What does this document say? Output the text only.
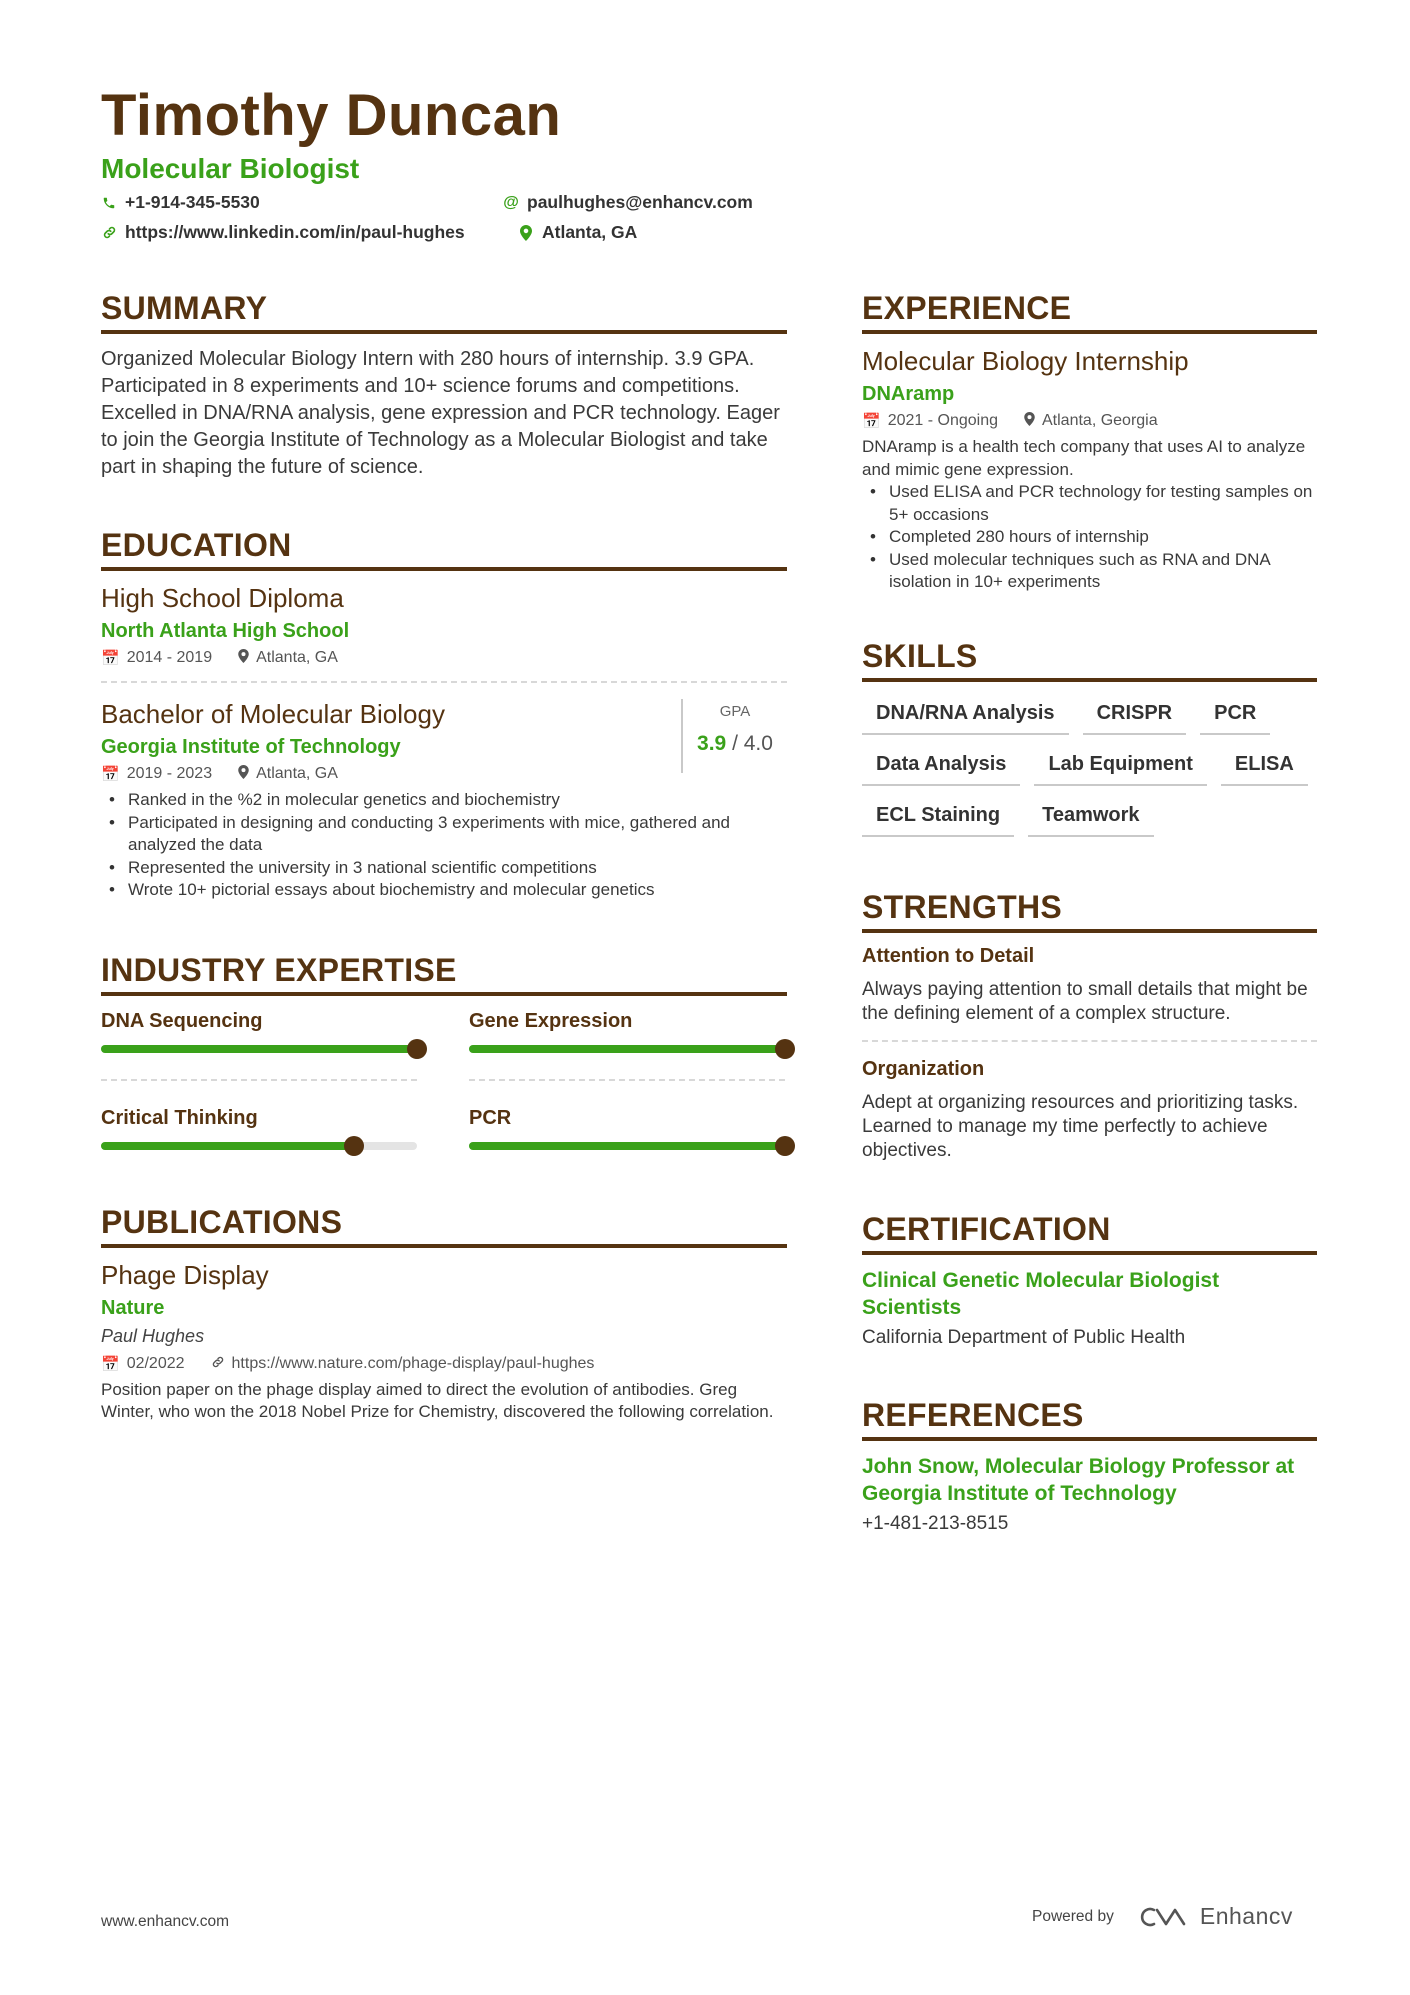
Timothy Duncan
Molecular Biologist
+1-914-345-5530	@ paulhughes@enhancv.com
https://www.linkedin.com/in/paul-hughes	Atlanta, GA
SUMMARY
Organized Molecular Biology Intern with 280 hours of internship. 3.9 GPA. Participated in 8 experiments and 10+ science forums and competitions. Excelled in DNA/RNA analysis, gene expression and PCR technology. Eager to join the Georgia Institute of Technology as a Molecular Biologist and take part in shaping the future of science.
EDUCATION
High School Diploma
North Atlanta High School
📅 2014 - 2019	Atlanta, GA
GPA
3.9 / 4.0
Bachelor of Molecular Biology
Georgia Institute of Technology
📅 2019 - 2023	Atlanta, GA
• Ranked in the %2 in molecular genetics and biochemistry
• Participated in designing and conducting 3 experiments with mice, gathered and analyzed the data
• Represented the university in 3 national scientific competitions
• Wrote 10+ pictorial essays about biochemistry and molecular genetics
INDUSTRY EXPERTISE
DNA Sequencing	Gene Expression
Critical Thinking	PCR
PUBLICATIONS
Phage Display
Nature
Paul Hughes
📅 02/2022	https://www.nature.com/phage-display/paul-hughes
Position paper on the phage display aimed to direct the evolution of antibodies. Greg Winter, who won the 2018 Nobel Prize for Chemistry, discovered the following correlation.
EXPERIENCE
Molecular Biology Internship
DNAramp
📅 2021 - Ongoing	Atlanta, Georgia
DNAramp is a health tech company that uses AI to analyze and mimic gene expression.
• Used ELISA and PCR technology for testing samples on 5+ occasions
• Completed 280 hours of internship
• Used molecular techniques such as RNA and DNA isolation in 10+ experiments
SKILLS
DNA/RNA Analysis	CRISPR	PCR
Data Analysis	Lab Equipment	ELISA
ECL Staining	Teamwork
STRENGTHS
Attention to Detail
Always paying attention to small details that might be the defining element of a complex structure.
Organization
Adept at organizing resources and prioritizing tasks. Learned to manage my time perfectly to achieve objectives.
CERTIFICATION
Clinical Genetic Molecular Biologist Scientists
California Department of Public Health
REFERENCES
John Snow, Molecular Biology Professor at Georgia Institute of Technology
+1-481-213-8515
www.enhancv.com	Powered by	Enhancv
